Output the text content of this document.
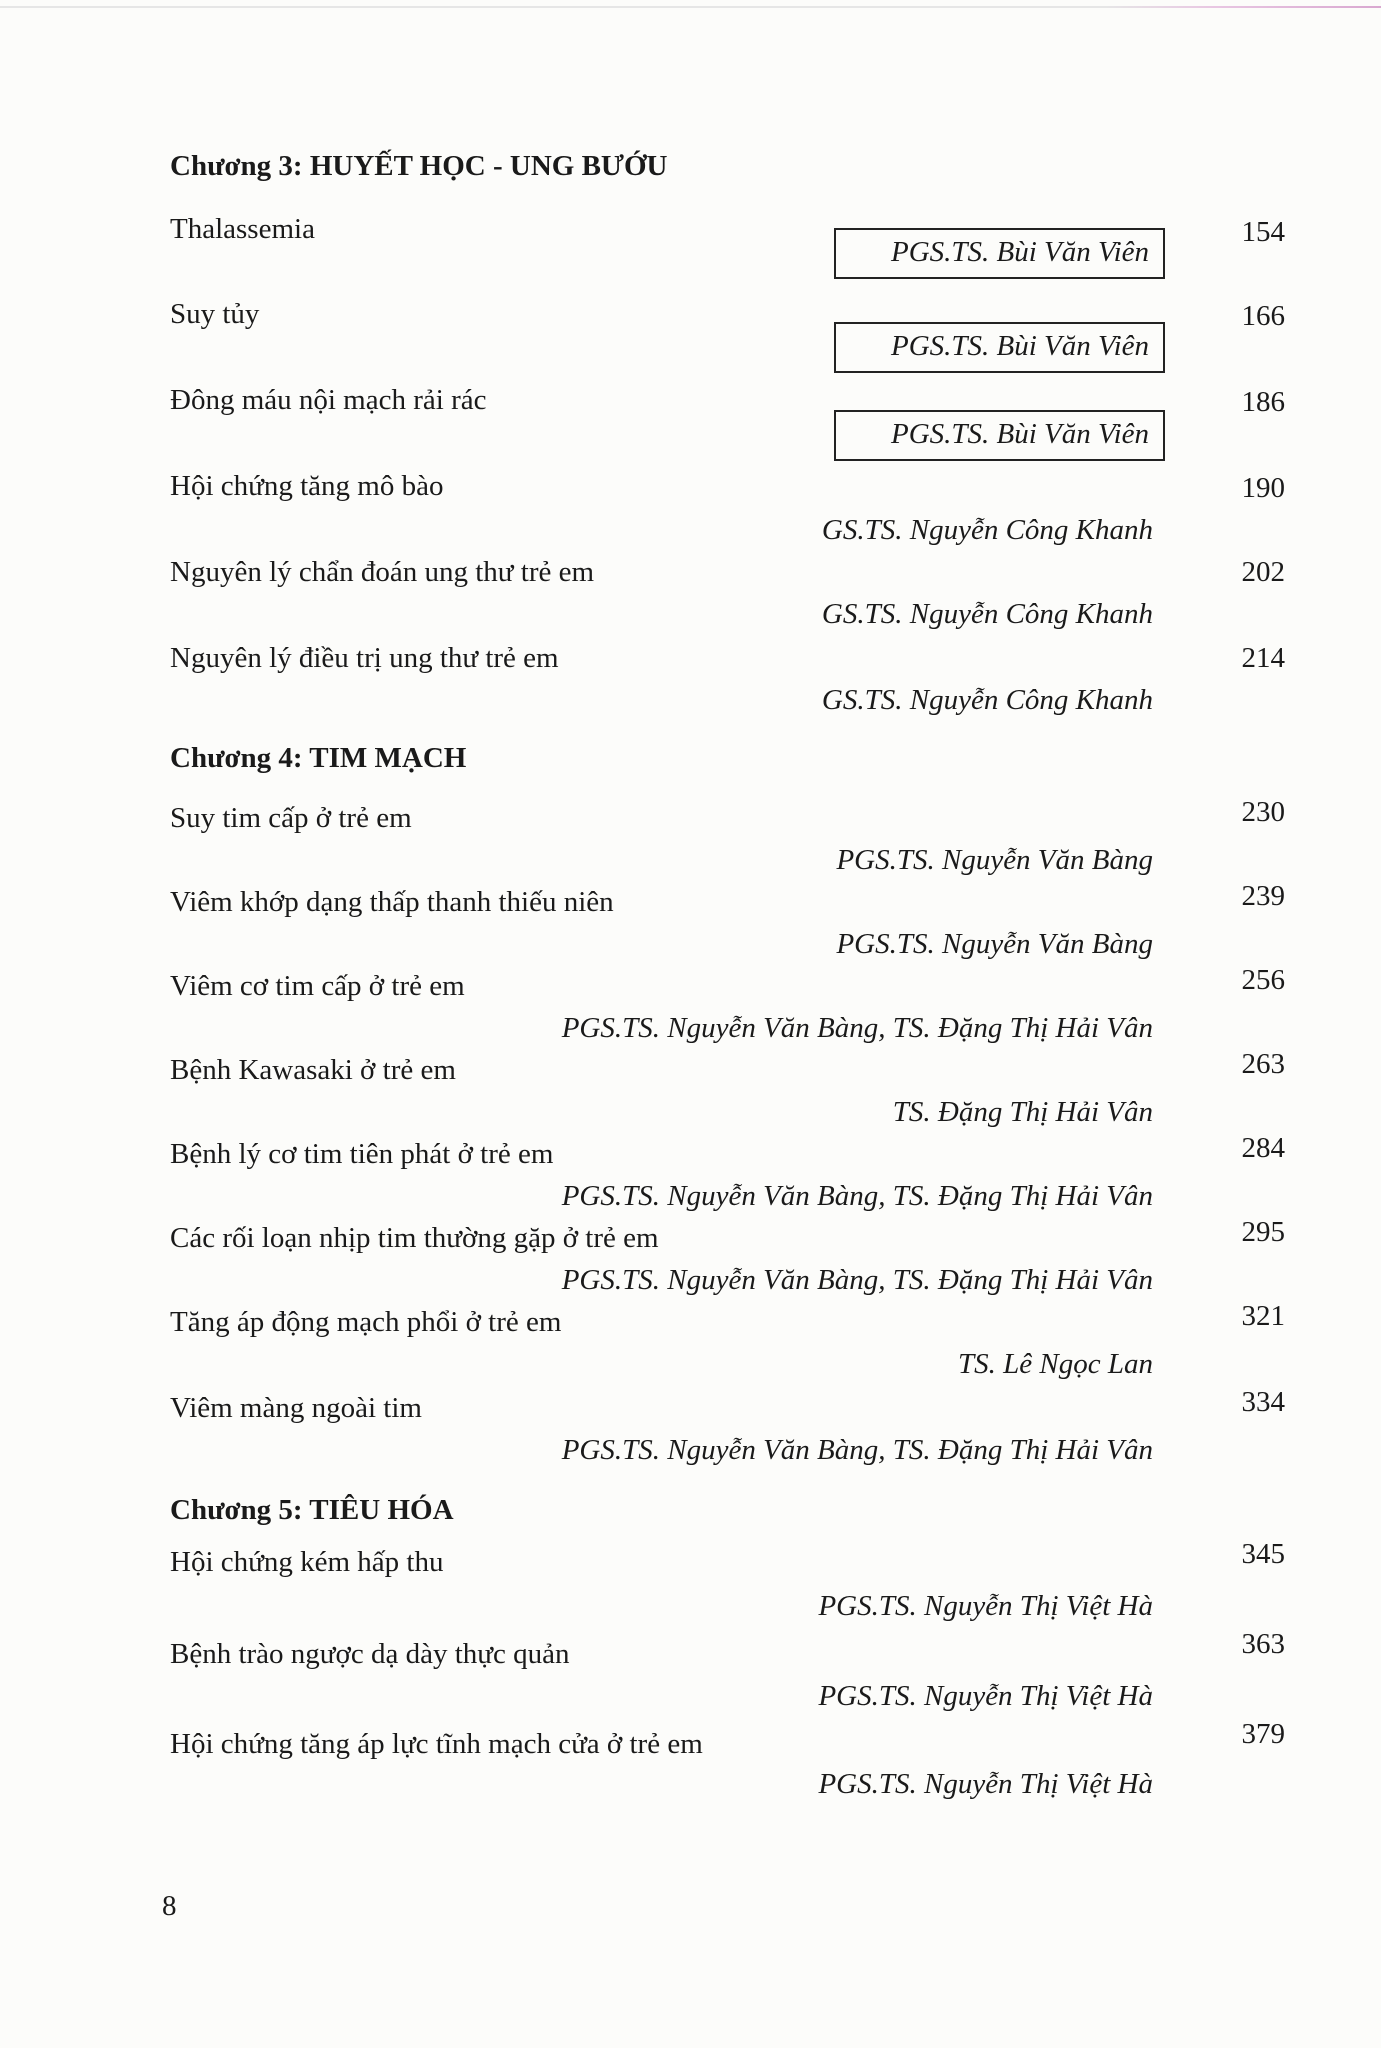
Chương 3: HUYẾT HỌC - UNG BƯỚU
Thalassemia	154
PGS.TS. Bùi Văn Viên
Suy tủy	166
PGS.TS. Bùi Văn Viên
Đông máu nội mạch rải rác	186
PGS.TS. Bùi Văn Viên
Hội chứng tăng mô bào	190
GS.TS. Nguyễn Công Khanh
Nguyên lý chẩn đoán ung thư trẻ em	202
GS.TS. Nguyễn Công Khanh
Nguyên lý điều trị ung thư trẻ em	214
GS.TS. Nguyễn Công Khanh
Chương 4: TIM MẠCH
Suy tim cấp ở trẻ em	230
PGS.TS. Nguyễn Văn Bàng
Viêm khớp dạng thấp thanh thiếu niên	239
PGS.TS. Nguyễn Văn Bàng
Viêm cơ tim cấp ở trẻ em	256
PGS.TS. Nguyễn Văn Bàng, TS. Đặng Thị Hải Vân
Bệnh Kawasaki ở trẻ em	263
TS. Đặng Thị Hải Vân
Bệnh lý cơ tim tiên phát ở trẻ em	284
PGS.TS. Nguyễn Văn Bàng, TS. Đặng Thị Hải Vân
Các rối loạn nhịp tim thường gặp ở trẻ em	295
PGS.TS. Nguyễn Văn Bàng, TS. Đặng Thị Hải Vân
Tăng áp động mạch phổi ở trẻ em	321
TS. Lê Ngọc Lan
Viêm màng ngoài tim	334
PGS.TS. Nguyễn Văn Bàng, TS. Đặng Thị Hải Vân
Chương 5: TIÊU HÓA
Hội chứng kém hấp thu	345
PGS.TS. Nguyễn Thị Việt Hà
Bệnh trào ngược dạ dày thực quản	363
PGS.TS. Nguyễn Thị Việt Hà
Hội chứng tăng áp lực tĩnh mạch cửa ở trẻ em	379
PGS.TS. Nguyễn Thị Việt Hà
8
